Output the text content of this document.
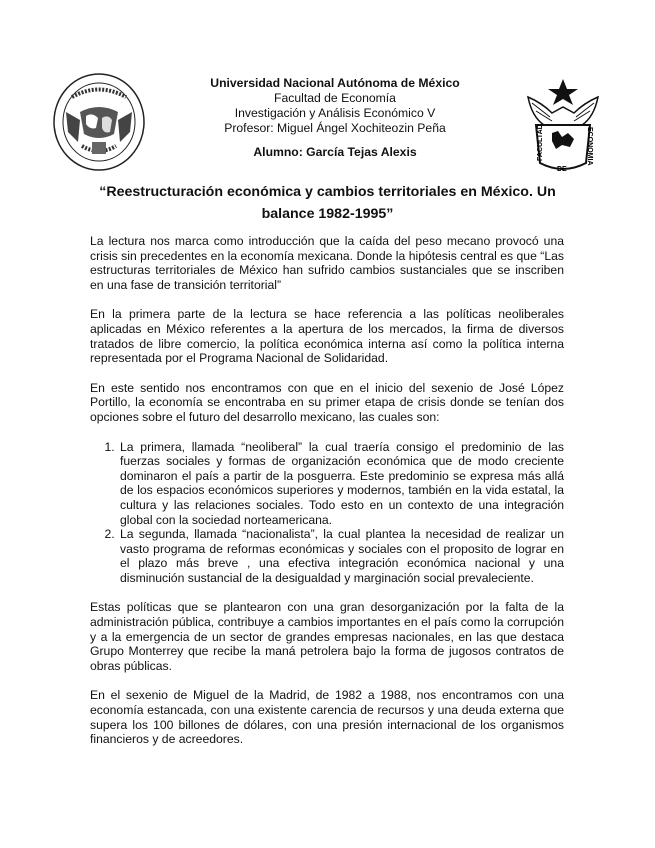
Universidad Nacional Autónoma de México
Facultad de Economía
Investigación y Análisis Económico V
Profesor: Miguel Ángel Xochiteozin Peña
Alumno: García Tejas Alexis	FACULTAD	ECONOMIA
DE
“Reestructuración económica y cambios territoriales en México. Un balance 1982-1995”

La lectura nos marca como introducción que la caída del peso mecano provocó una crisis sin precedentes en la economía mexicana. Donde la hipótesis central es que “Las estructuras territoriales de México han sufrido cambios sustanciales que se inscriben en una fase de transición territorial”

En la primera parte de la lectura se hace referencia a las políticas neoliberales aplicadas en México referentes a la apertura de los mercados, la firma de diversos tratados de libre comercio, la política económica interna así como la política interna representada por el Programa Nacional de Solidaridad.

En este sentido nos encontramos con que en el inicio del sexenio de José López Portillo, la economía se encontraba en su primer etapa de crisis donde se tenían dos opciones sobre el futuro del desarrollo mexicano, las cuales son:

1. La primera, llamada “neoliberal” la cual traería consigo el predominio de las fuerzas sociales y formas de organización económica que de modo creciente dominaron el país a partir de la posguerra. Este predominio se expresa más allá de los espacios económicos superiores y modernos, también en la vida estatal, la cultura y las relaciones sociales. Todo esto en un contexto de una integración global con la sociedad norteamericana.
2. La segunda, llamada “nacionalista”, la cual plantea la necesidad de realizar un vasto programa de reformas económicas y sociales con el proposito de lograr en el plazo más breve , una efectiva integración económica nacional y una disminución sustancial de la desigualdad y marginación social prevaleciente.

Estas políticas que se plantearon con una gran desorganización por la falta de la administración pública, contribuye a cambios importantes en el país como la corrupción y a la emergencia de un sector de grandes empresas nacionales, en las que destaca Grupo Monterrey que recibe la maná petrolera bajo la forma de jugosos contratos de obras públicas.

En el sexenio de Miguel de la Madrid, de 1982 a 1988, nos encontramos con una economía estancada, con una existente carencia de recursos y una deuda externa que supera los 100 billones de dólares, con una presión internacional de los organismos financieros y de acreedores.
